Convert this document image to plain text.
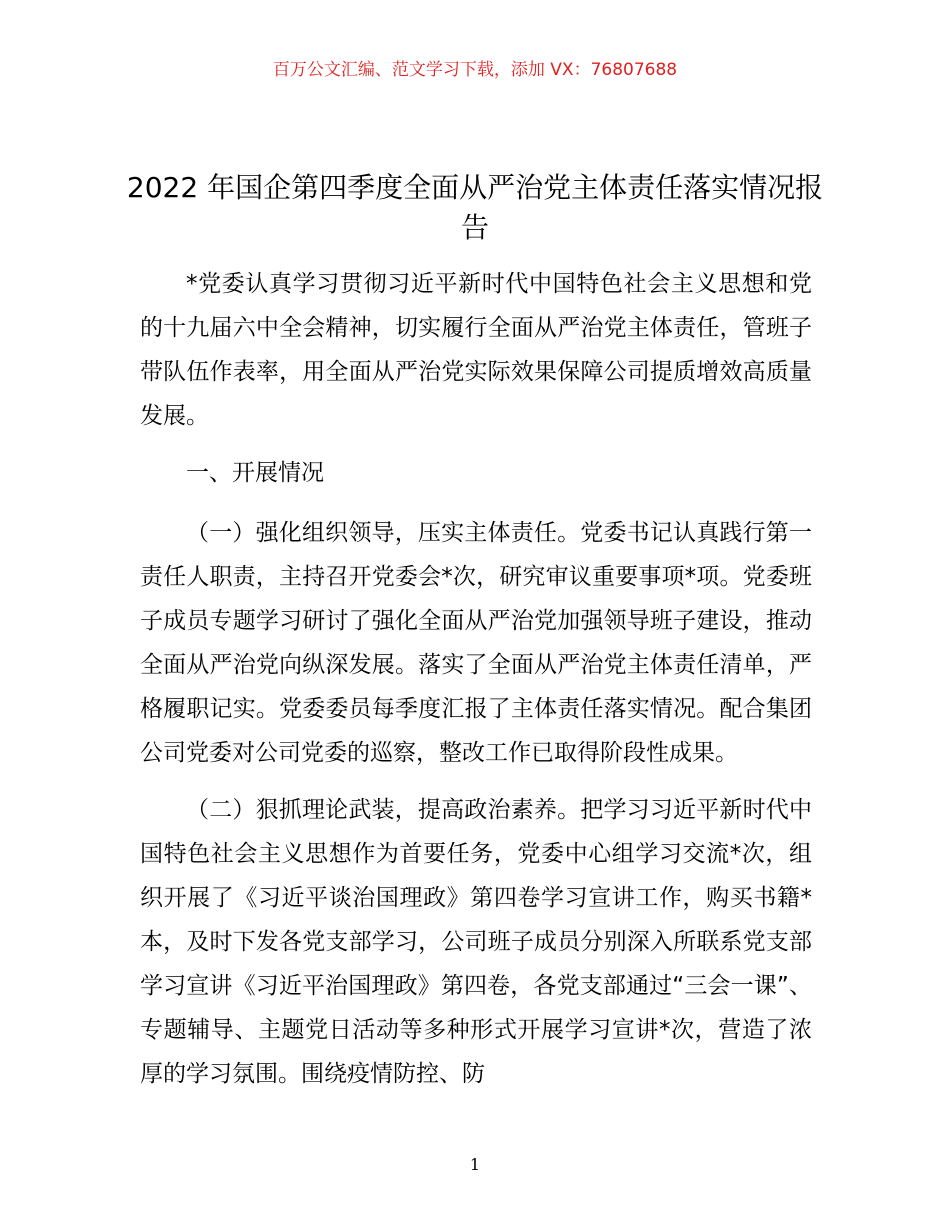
百万公文汇编、范文学习下载，添加 VX：76807688
2022 年国企第四季度全面从严治党主体责任落实情况报告

*党委认真学习贯彻习近平新时代中国特色社会主义思想和党的十九届六中全会精神，切实履行全面从严治党主体责任，管班子带队伍作表率，用全面从严治党实际效果保障公司提质增效高质量发展。

一、开展情况

（一）强化组织领导，压实主体责任。党委书记认真践行第一责任人职责，主持召开党委会*次，研究审议重要事项*项。党委班子成员专题学习研讨了强化全面从严治党加强领导班子建设，推动全面从严治党向纵深发展。落实了全面从严治党主体责任清单，严格履职记实。党委委员每季度汇报了主体责任落实情况。配合集团公司党委对公司党委的巡察，整改工作已取得阶段性成果。

（二）狠抓理论武装，提高政治素养。把学习习近平新时代中国特色社会主义思想作为首要任务，党委中心组学习交流*次，组织开展了《习近平谈治国理政》第四卷学习宣讲工作，购买书籍*本，及时下发各党支部学习，公司班子成员分别深入所联系党支部学习宣讲《习近平治国理政》第四卷，各党支部通过“三会一课”、专题辅导、主题党日活动等多种形式开展学习宣讲*次，营造了浓厚的学习氛围。围绕疫情防控、防

1
